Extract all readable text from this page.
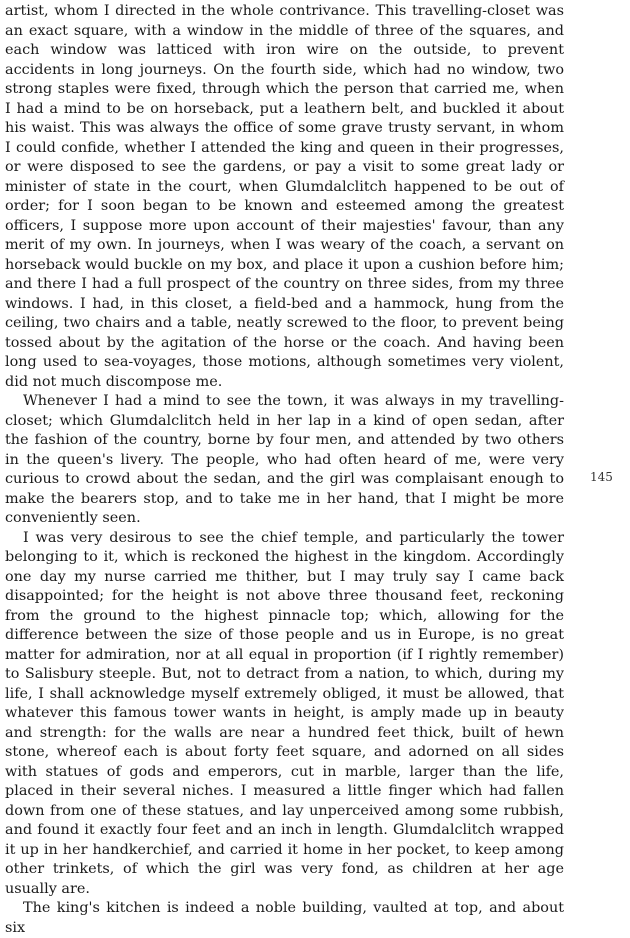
artist, whom I directed in the whole contrivance. This travelling-closet was an exact square, with a window in the middle of three of the squares, and each window was latticed with iron wire on the outside, to prevent accidents in long journeys. On the fourth side, which had no window, two strong staples were fixed, through which the person that carried me, when I had a mind to be on horseback, put a leathern belt, and buckled it about his waist. This was always the office of some grave trusty servant, in whom I could confide, whether I attended the king and queen in their progresses, or were disposed to see the gardens, or pay a visit to some great lady or minister of state in the court, when Glumdalclitch happened to be out of order; for I soon began to be known and esteemed among the greatest officers, I suppose more upon account of their majesties' favour, than any merit of my own. In journeys, when I was weary of the coach, a servant on horseback would buckle on my box, and place it upon a cushion before him; and there I had a full prospect of the country on three sides, from my three windows. I had, in this closet, a field-bed and a hammock, hung from the ceiling, two chairs and a table, neatly screwed to the floor, to prevent being tossed about by the agitation of the horse or the coach. And having been long used to sea-voyages, those motions, although sometimes very violent, did not much discompose me.

Whenever I had a mind to see the town, it was always in my travelling-closet; which Glumdalclitch held in her lap in a kind of open sedan, after the fashion of the country, borne by four men, and attended by two others in the queen's livery. The people, who had often heard of me, were very curious to crowd about the sedan, and the girl was complaisant enough to make the bearers stop, and to take me in her hand, that I might be more conveniently seen.

I was very desirous to see the chief temple, and particularly the tower belonging to it, which is reckoned the highest in the kingdom. Accordingly one day my nurse carried me thither, but I may truly say I came back disappointed; for the height is not above three thousand feet, reckoning from the ground to the highest pinnacle top; which, allowing for the difference between the size of those people and us in Europe, is no great matter for admiration, nor at all equal in proportion (if I rightly remember) to Salisbury steeple. But, not to detract from a nation, to which, during my life, I shall acknowledge myself extremely obliged, it must be allowed, that whatever this famous tower wants in height, is amply made up in beauty and strength: for the walls are near a hundred feet thick, built of hewn stone, whereof each is about forty feet square, and adorned on all sides with statues of gods and emperors, cut in marble, larger than the life, placed in their several niches. I measured a little finger which had fallen down from one of these statues, and lay unperceived among some rubbish, and found it exactly four feet and an inch in length. Glumdalclitch wrapped it up in her handkerchief, and carried it home in her pocket, to keep among other trinkets, of which the girl was very fond, as children at her age usually are.

The king's kitchen is indeed a noble building, vaulted at top, and about six

145
